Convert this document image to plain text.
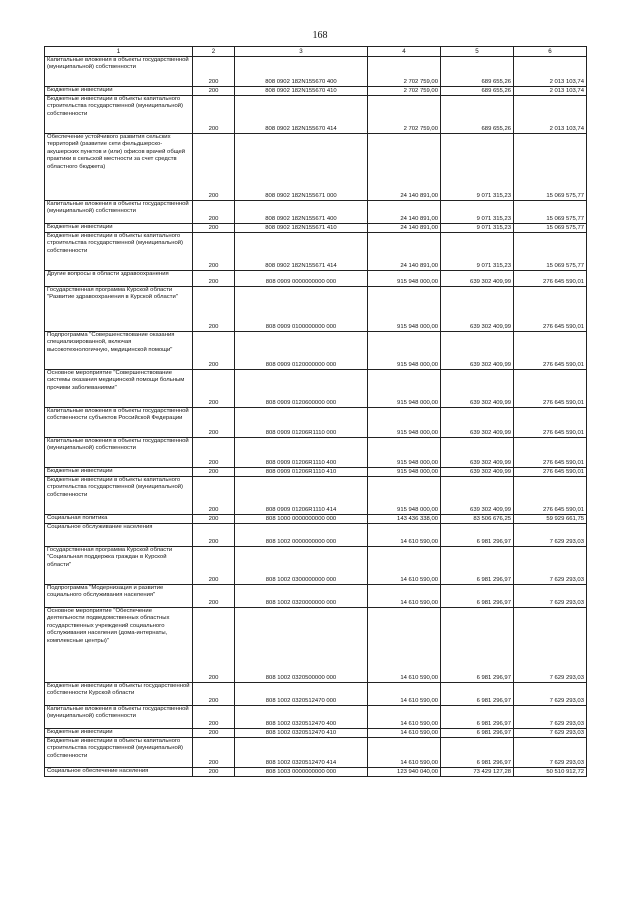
168
1	2	3	4	5	6
Капитальные вложения в объекты государственной (муниципальной) собственности	200	808 0902 182N155670 400	2 702 759,00	689 655,26	2 013 103,74
Бюджетные инвестиции	200	808 0902 182N155670 410	2 702 759,00	689 655,26	2 013 103,74
Бюджетные инвестиции в объекты капитального строительства государственной (муниципальной) собственности	200	808 0902 182N155670 414	2 702 759,00	689 655,26	2 013 103,74
Обеспечение устойчивого развития сельских территорий (развитие сети фельдшерско-акушерских пунктов и (или) офисов врачей общей практики в сельской местности за счет средств областного бюджета)	200	808 0902 182N155671 000	24 140 891,00	9 071 315,23	15 069 575,77
Капитальные вложения в объекты государственной (муниципальной) собственности	200	808 0902 182N155671 400	24 140 891,00	9 071 315,23	15 069 575,77
Бюджетные инвестиции	200	808 0902 182N155671 410	24 140 891,00	9 071 315,23	15 069 575,77
Бюджетные инвестиции в объекты капитального строительства государственной (муниципальной) собственности	200	808 0902 182N155671 414	24 140 891,00	9 071 315,23	15 069 575,77
Другие вопросы в области здравоохранения	200	808 0909 0000000000 000	915 948 000,00	639 302 409,99	276 645 590,01
Государственная программа Курской области "Развитие здравоохранения в Курской области"	200	808 0909 0100000000 000	915 948 000,00	639 302 409,99	276 645 590,01
Подпрограмма "Совершенствование оказания специализированной, включая высокотехнологичную, медицинской помощи"	200	808 0909 0120000000 000	915 948 000,00	639 302 409,99	276 645 590,01
Основное мероприятие "Совершенствование системы оказания медицинской помощи больным прочими заболеваниями"	200	808 0909 0120600000 000	915 948 000,00	639 302 409,99	276 645 590,01
Капитальные вложения в объекты государственной собственности субъектов Российской Федерации	200	808 0909 01206R1110 000	915 948 000,00	639 302 409,99	276 645 590,01
Капитальные вложения в объекты государственной (муниципальной) собственности	200	808 0909 01206R1110 400	915 948 000,00	639 302 409,99	276 645 590,01
Бюджетные инвестиции	200	808 0909 01206R1110 410	915 948 000,00	639 302 409,99	276 645 590,01
Бюджетные инвестиции в объекты капитального строительства государственной (муниципальной) собственности	200	808 0909 01206R1110 414	915 948 000,00	639 302 409,99	276 645 590,01
Социальная политика	200	808 1000 0000000000 000	143 436 338,00	83 506 676,25	59 929 661,75
Социальное обслуживание населения	200	808 1002 0000000000 000	14 610 590,00	6 981 296,97	7 629 293,03
Государственная программа Курской области "Социальная поддержка граждан в Курской области"	200	808 1002 0300000000 000	14 610 590,00	6 981 296,97	7 629 293,03
Подпрограмма "Модернизация и развитие социального обслуживания населения"	200	808 1002 0320000000 000	14 610 590,00	6 981 296,97	7 629 293,03
Основное мероприятие "Обеспечение деятельности подведомственных областных государственных учреждений социального обслуживания населения (дома-интернаты, комплексные центры)"	200	808 1002 0320500000 000	14 610 590,00	6 981 296,97	7 629 293,03
Бюджетные инвестиции в объекты государственной собственности Курской области	200	808 1002 0320512470 000	14 610 590,00	6 981 296,97	7 629 293,03
Капитальные вложения в объекты государственной (муниципальной) собственности	200	808 1002 0320512470 400	14 610 590,00	6 981 296,97	7 629 293,03
Бюджетные инвестиции	200	808 1002 0320512470 410	14 610 590,00	6 981 296,97	7 629 293,03
Бюджетные инвестиции в объекты капитального строительства государственной (муниципальной) собственности	200	808 1002 0320512470 414	14 610 590,00	6 981 296,97	7 629 293,03
Социальное обеспечение населения	200	808 1003 0000000000 000	123 940 040,00	73 429 127,28	50 510 912,72
